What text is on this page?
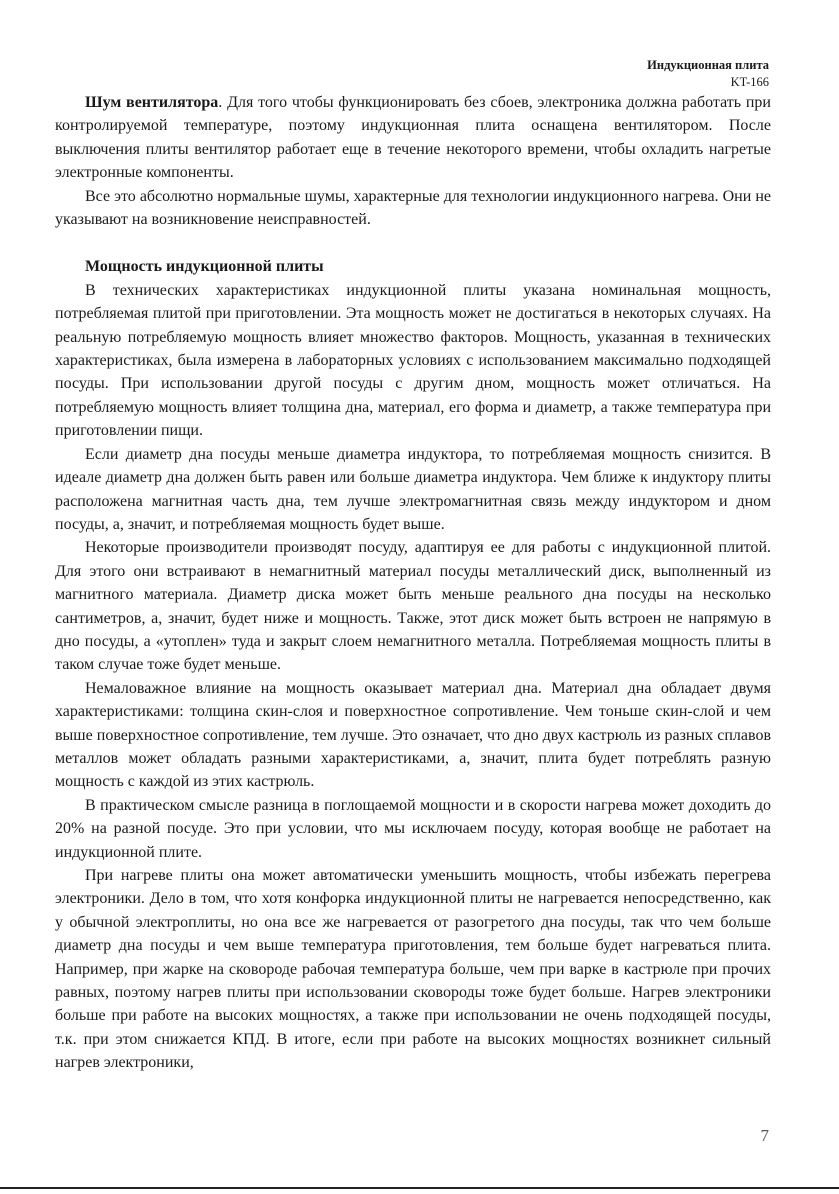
Индукционная плита
KT-166

Шум вентилятора. Для того чтобы функционировать без сбоев, электроника должна работать при контролируемой температуре, поэтому индукционная плита оснащена вентилятором. После выключения плиты вентилятор работает еще в течение некоторого времени, чтобы охладить нагретые электронные компоненты.

Все это абсолютно нормальные шумы, характерные для технологии индукционного нагрева. Они не указывают на возникновение неисправностей.

Мощность индукционной плиты

В технических характеристиках индукционной плиты указана номинальная мощность, потребляемая плитой при приготовлении. Эта мощность может не достигаться в некоторых случаях. На реальную потребляемую мощность влияет множество факторов. Мощность, указанная в технических характеристиках, была измерена в лабораторных условиях с использованием максимально подходящей посуды. При использовании другой посуды с другим дном, мощность может отличаться. На потребляемую мощность влияет толщина дна, материал, его форма и диаметр, а также температура при приготовлении пищи.

Если диаметр дна посуды меньше диаметра индуктора, то потребляемая мощность снизится. В идеале диаметр дна должен быть равен или больше диаметра индуктора. Чем ближе к индуктору плиты расположена магнитная часть дна, тем лучше электромагнитная связь между индуктором и дном посуды, а, значит, и потребляемая мощность будет выше.

Некоторые производители производят посуду, адаптируя ее для работы с индукционной плитой. Для этого они встраивают в немагнитный материал посуды металлический диск, выполненный из магнитного материала. Диаметр диска может быть меньше реального дна посуды на несколько сантиметров, а, значит, будет ниже и мощность. Также, этот диск может быть встроен не напрямую в дно посуды, а «утоплен» туда и закрыт слоем немагнитного металла. Потребляемая мощность плиты в таком случае тоже будет меньше.

Немаловажное влияние на мощность оказывает материал дна. Материал дна обладает двумя характеристиками: толщина скин-слоя и поверхностное сопротивление. Чем тоньше скин-слой и чем выше поверхностное сопротивление, тем лучше. Это означает, что дно двух кастрюль из разных сплавов металлов может обладать разными характеристиками, а, значит, плита будет потреблять разную мощность с каждой из этих кастрюль.

В практическом смысле разница в поглощаемой мощности и в скорости нагрева может доходить до 20% на разной посуде. Это при условии, что мы исключаем посуду, которая вообще не работает на индукционной плите.

При нагреве плиты она может автоматически уменьшить мощность, чтобы избежать перегрева электроники. Дело в том, что хотя конфорка индукционной плиты не нагревается непосредственно, как у обычной электроплиты, но она все же нагревается от разогретого дна посуды, так что чем больше диаметр дна посуды и чем выше температура приготовления, тем больше будет нагреваться плита. Например, при жарке на сковороде рабочая температура больше, чем при варке в кастрюле при прочих равных, поэтому нагрев плиты при использовании сковороды тоже будет больше. Нагрев электроники больше при работе на высоких мощностях, а также при использовании не очень подходящей посуды, т.к. при этом снижается КПД. В итоге, если при работе на высоких мощностях возникнет сильный нагрев электроники,

7
